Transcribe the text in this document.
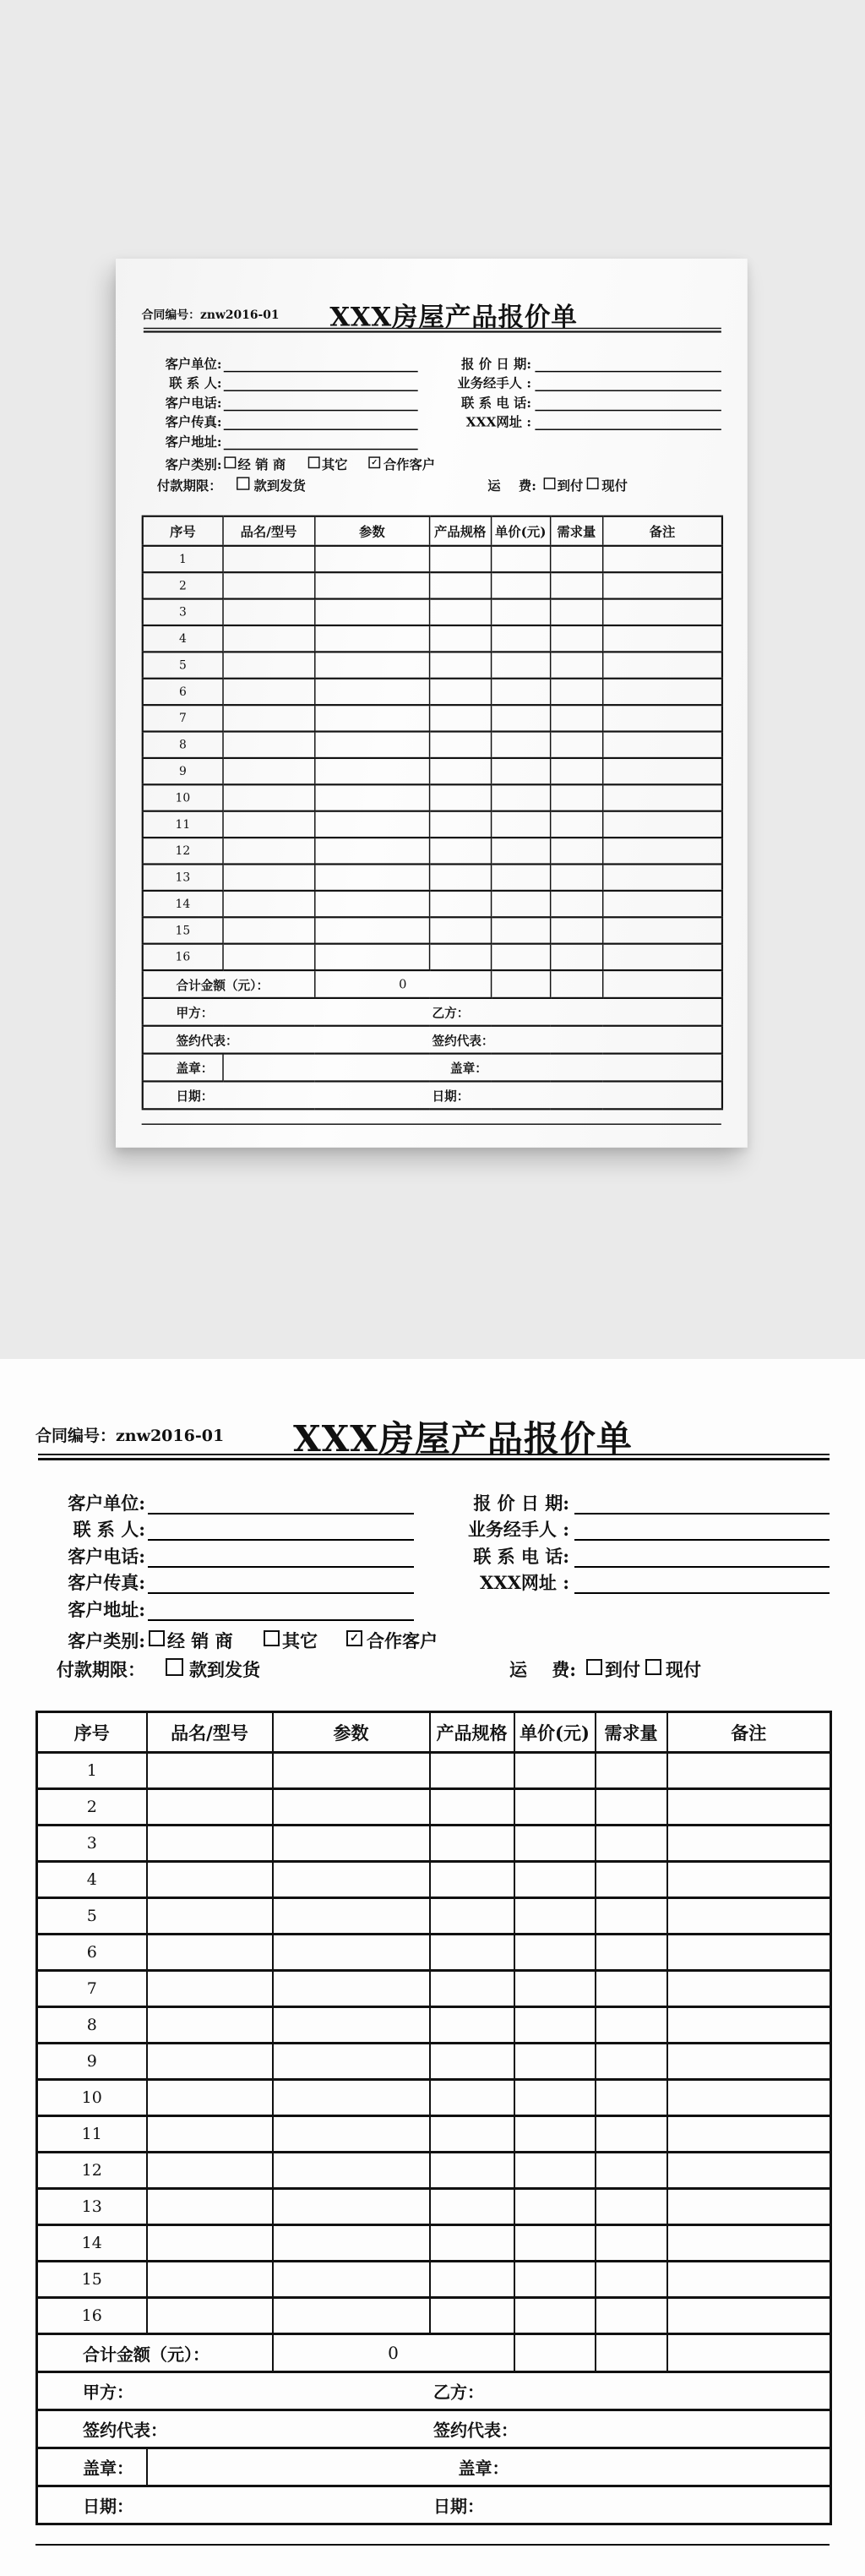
合同编号：znw2016-01	XXX房屋产品报价单
客户单位:
联 系 人:
客户电话:
客户传真:
客户地址:
报 价 日 期:
业务经手人 :
联 系 电 话:
XXX网址 :
客户类别: 经 销 商 其它 ✓ 合作客户
付款期限： 款到发货	运    费: 到付 现付
序号	品名/型号	参数	产品规格	单价(元)	需求量	备注
1						
2						
3						
4						
5						
6						
7						
8						
9						
10						
11						
12						
13						
14						
15						
16						

合计金额（元）：		0				

甲方： 乙方：						

签约代表： 签约代表：						

盖章：	盖章：					

日期： 日期：						
合同编号：znw2016-01	XXX房屋产品报价单
客户单位:
联 系 人:
客户电话:
客户传真:
客户地址:
报 价 日 期:
业务经手人 :
联 系 电 话:
XXX网址 :
客户类别: 经 销 商	其它	✓ 合作客户
付款期限： 款到发货	运    费: 到付 现付
序号	品名/型号	参数	产品规格	单价(元)	需求量	备注
1						
2						
3						
4						
5						
6						
7						
8						
9						
10						
11						
12						
13						
14						
15						
16						

合计金额（元）：		0				

甲方： 乙方：						

签约代表： 签约代表：						

盖章：	盖章：					

日期： 日期：						
